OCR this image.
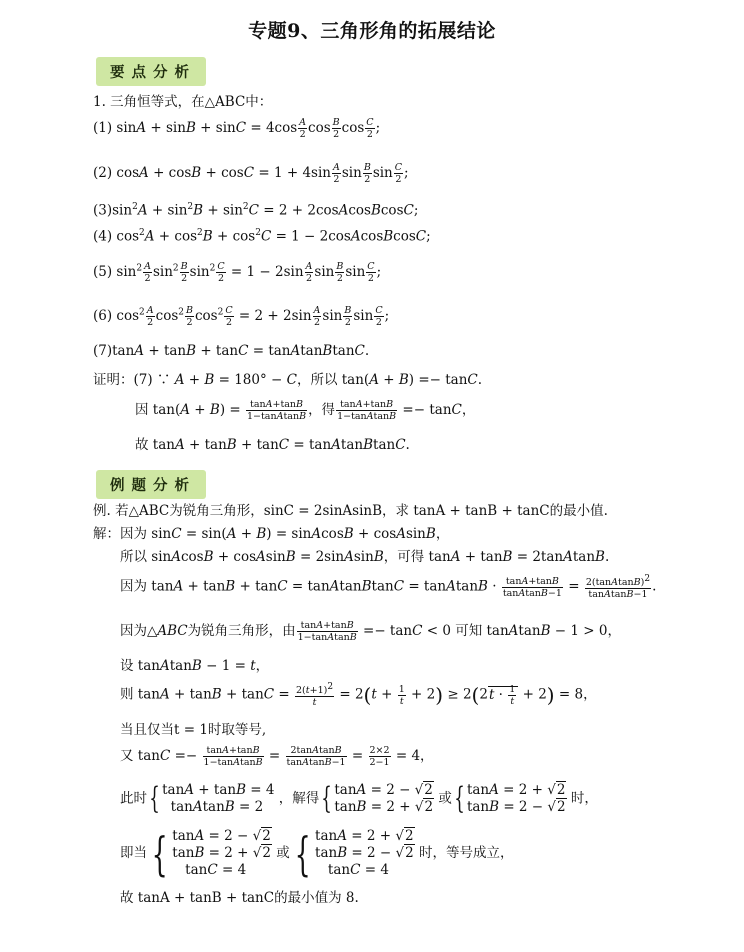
专题9、三角形角的拓展结论
要点分析
1. 三角恒等式，在△ABC中：
(1) $\sin A + \sin B + \sin C = 4\cos \frac{A}{2}$ $\cos \frac{B}{2}$ $\cos \frac{C}{2}$ ;
(2) $\cos A + \cos B + \cos C = 1 + 4\sin \frac{A}{2}$ $\sin \frac{B}{2}$ $\sin \frac{C}{2}$ ;
$(3)\sin^2A + \sin^2B + \sin^2C = 2$ + 2cosAcosBcosC;
(4) $\cos^2A + \cos^2B + \cos^2C = 1$ − 2cosAcosBcosC;
(5) $\sin^2 \frac{A}{2} \sin^2 \frac{B}{2} \sin^2 \frac{C}{2} = 1 - 2\sin \frac{A}{2}$ $\sin \frac{B}{2}$ $\sin \frac{C}{2}$ ;
(6) $\cos^2 \frac{A}{2} \cos^2 \frac{B}{2} \cos^2 \frac{C}{2} = 2 + 2\sin \frac{A}{2}$ $\sin \frac{B}{2}$ $\sin \frac{C}{2}$ ;
(7)tanA + tanB + tanC = tanAtanBtanC.
证明：(7) ∵ A + B = 180° − C，所以 tan(A + B) =− tanC.
因 $\tan(A + B) = \frac{\tan A+\tan B}{\text{1−tanAtanB}}$ ，得 $\frac{\tan A+\tan B}{\text{1−tanAtanB}} =- \tan C$，
故 tanA + tanB + tanC = tanAtanBtanC.
例题分析
例. 若△ABC为锐角三角形，sinC = 2sinAsinB，求 tanA + tanB + tanC的最小值.
解：因为 sinC = sin(A + B) = sinAcosB + cosAsinB，
所以 sinAcosB + cosAsinB = 2sinAsinB，可得 tanA + tanB = 2tanAtanB.
因为 tanA + tanB + tanC = tanAtanBtanC = tanAtanB · $\frac{\tan A+\tan B}{\text{tanAtanB−1}} = \frac{\text{2(tanAtanB)2}}{\text{tanAtanB−1}}$ .
因为△ABC为锐角三角形，由 $\frac{\tan A+\tan B}{\text{1−tanAtanB}} =- \tan C < 0$ 可知 tanAtanB − 1 > 0，
设 tanAtanB − 1 = t，
则 $\tan A + \tan B + \tan C = \frac{2(t+1)2}{t} = 2(t + \frac{1}{t} + 2) \ge 2(2t \cdot \frac{1}{t} + 2) = 8$，
当且仅当t = 1时取等号,
又 $\tan C =- \frac{\tan A+\tan B}{\text{1−tanAtanB}} = \frac{\text{2tanAtanB}}{\text{tanAtanB−1}} = \frac{2\times 2}{2-1} = 4$，
此时{ tanA + tanB = 4
tanAtanB = 2
，解得{ tanA = 2 − √2
tanB = 2 + √2
或{ tanA = 2 + √2
tanB = 2 − √2
时，
即当{ tanA = 2 − √2
tanB = 2 + √2
tanC = 4
或{ tanA = 2 + √2
tanB = 2 − √2
tanC = 4
时，等号成立，
故 tanA + tanB + tanC的最小值为 8.
